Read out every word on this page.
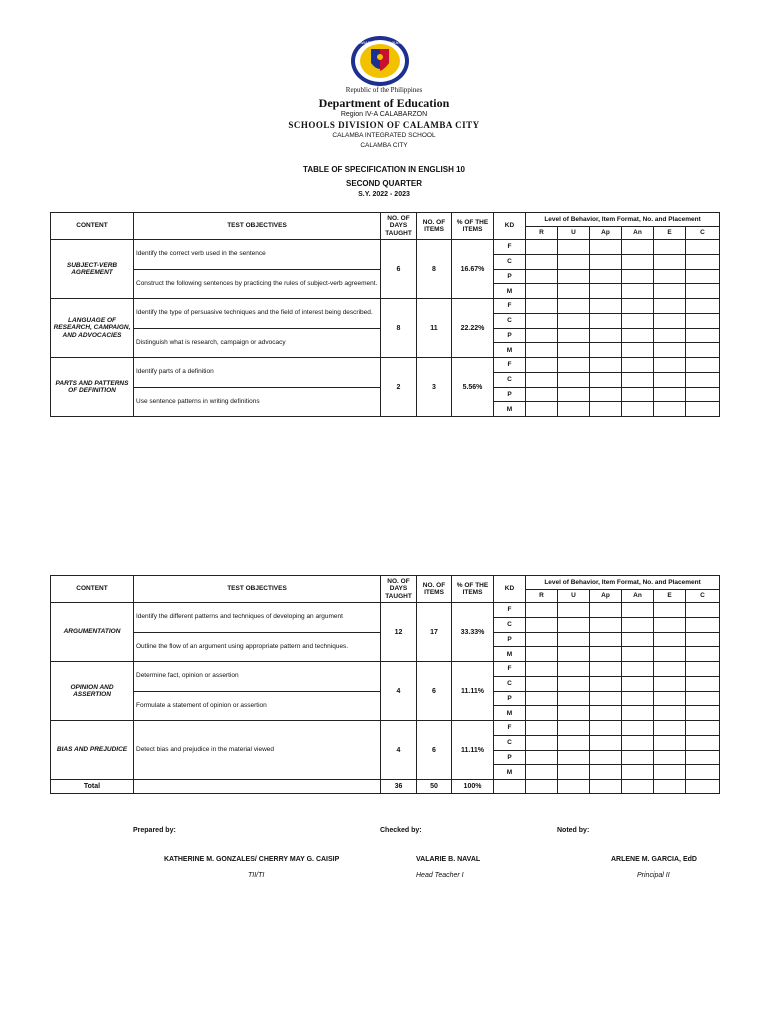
KAGAWARAN NG EDUKASYON
Republic of the Philippines
Department of Education
Region IV-A CALABARZON
SCHOOLS DIVISION OF CALAMBA CITY
CALAMBA INTEGRATED SCHOOL
CALAMBA CITY
TABLE OF SPECIFICATION IN ENGLISH 10
SECOND QUARTER
S.Y. 2022 - 2023
CONTENT	TEST OBJECTIVES	NO. OF DAYS TAUGHT	NO. OF ITEMS	% OF THE ITEMS	KD	Level of Behavior, Item Format, No. and Placement					
						R	U	Ap	An	E	C
SUBJECT-VERB AGREEMENT	Identify the correct verb used in the sentence	6	8	16.67%	F						
					C						
	Construct the following sentences by practicing the rules of subject-verb agreement.				P						
					M						
LANGUAGE OF RESEARCH, CAMPAIGN, AND ADVOCACIES	Identify the type of persuasive techniques and the field of interest being described.	8	11	22.22%	F						
					C						
	Distinguish what is research, campaign or advocacy				P						
					M						
PARTS AND PATTERNS OF DEFINITION	Identify parts of a definition	2	3	5.56%	F						
					C						
	Use sentence patterns in writing definitions				P						
					M						
CONTENT	TEST OBJECTIVES	NO. OF DAYS TAUGHT	NO. OF ITEMS	% OF THE ITEMS	KD	Level of Behavior, Item Format, No. and Placement					
						R	U	Ap	An	E	C
ARGUMENTATION	Identify the different patterns and techniques of developing an argument	12	17	33.33%	F						
					C						
	Outline the flow of an argument using appropriate pattern and techniques.				P						
					M						
OPINION AND ASSERTION	Determine fact, opinion or assertion	4	6	11.11%	F						
					C						
	Formulate a statement of opinion or assertion				P						
					M						
BIAS AND PREJUDICE	Detect bias and prejudice in the material viewed	4	6	11.11%	F						
					C						
					P						
					M						
Total		36	50	100%							
Prepared by:	Checked by:	Noted by:
KATHERINE M. GONZALES/ CHERRY MAY G. CAISIP	VALARIE B. NAVAL	ARLENE M. GARCIA, EdD
TII/TI	Head Teacher I	Principal II
